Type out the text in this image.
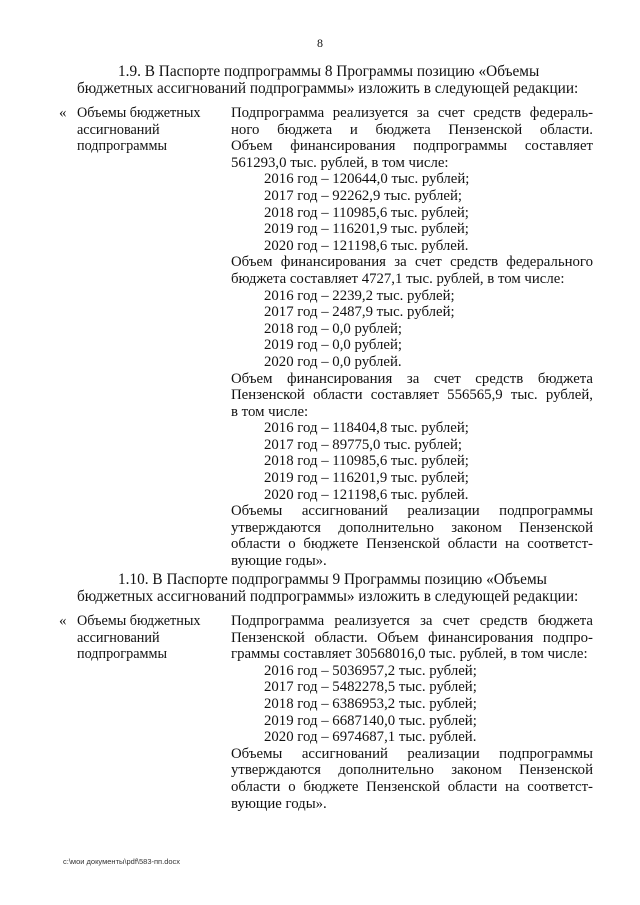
8
1.9. В Паспорте подпрограммы 8 Программы позицию «Объемы
бюджетных ассигнований подпрограммы» изложить в следующей редакции:
« Объемы бюджетных
ассигнований
подпрограммы
Подпрограмма реализуется за счет средств федераль-
ного бюджета и бюджета Пензенской области.
Объем финансирования подпрограммы составляет
561293,0 тыс. рублей, в том числе:
2016 год – 120644,0 тыс. рублей;
2017 год – 92262,9 тыс. рублей;
2018 год – 110985,6 тыс. рублей;
2019 год – 116201,9 тыс. рублей;
2020 год – 121198,6 тыс. рублей.
Объем финансирования за счет средств федерального
бюджета составляет 4727,1 тыс. рублей, в том числе:
2016 год – 2239,2 тыс. рублей;
2017 год – 2487,9 тыс. рублей;
2018 год – 0,0 рублей;
2019 год – 0,0 рублей;
2020 год – 0,0 рублей.
Объем финансирования за счет средств бюджета
Пензенской области составляет 556565,9 тыс. рублей,
в том числе:
2016 год – 118404,8 тыс. рублей;
2017 год – 89775,0 тыс. рублей;
2018 год – 110985,6 тыс. рублей;
2019 год – 116201,9 тыс. рублей;
2020 год – 121198,6 тыс. рублей.
Объемы ассигнований реализации подпрограммы
утверждаются дополнительно законом Пензенской
области о бюджете Пензенской области на соответст-
вующие годы».
1.10. В Паспорте подпрограммы 9 Программы позицию «Объемы
бюджетных ассигнований подпрограммы» изложить в следующей редакции:
« Объемы бюджетных
ассигнований
подпрограммы
Подпрограмма реализуется за счет средств бюджета
Пензенской области. Объем финансирования подпро-
граммы составляет 30568016,0 тыс. рублей, в том числе:
2016 год – 5036957,2 тыс. рублей;
2017 год – 5482278,5 тыс. рублей;
2018 год – 6386953,2 тыс. рублей;
2019 год – 6687140,0 тыс. рублей;
2020 год – 6974687,1 тыс. рублей.
Объемы ассигнований реализации подпрограммы
утверждаются дополнительно законом Пензенской
области о бюджете Пензенской области на соответст-
вующие годы».
c:\мои документы\pdf\583-пп.docx
